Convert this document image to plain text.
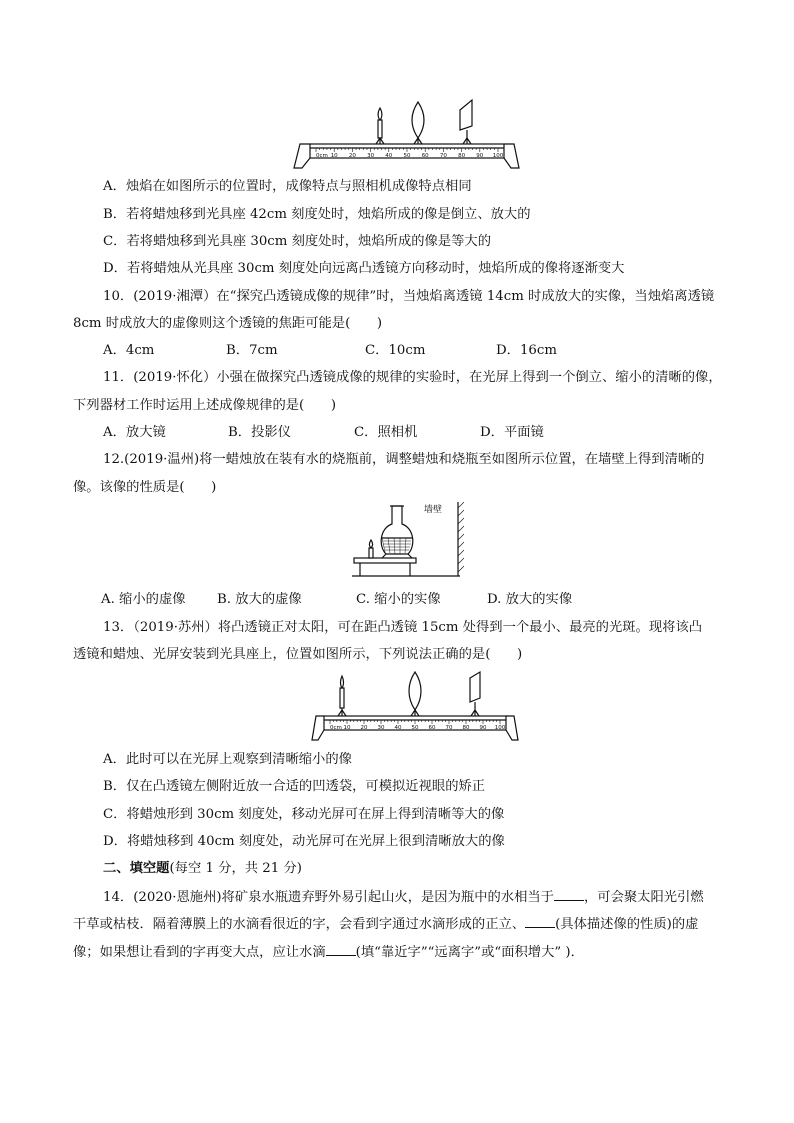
0cm 10 20 30 40 50 60 70 80 90 100
A．烛焰在如图所示的位置时，成像特点与照相机成像特点相同
B．若将蜡烛移到光具座 42cm 刻度处时，烛焰所成的像是倒立、放大的
C．若将蜡烛移到光具座 30cm 刻度处时，烛焰所成的像是等大的
D．若将蜡烛从光具座 30cm 刻度处向远离凸透镜方向移动时，烛焰所成的像将逐渐变大
10．(2019·湘潭）在“探究凸透镜成像的规律”时，当烛焰离透镜 14cm 时成放大的实像，当烛焰离透镜
8cm 时成放大的虚像则这个透镜的焦距可能是(　　)
A．4cm	B．7cm	C．10cm	D．16cm
11．(2019·怀化）小强在做探究凸透镜成像的规律的实验时，在光屏上得到一个倒立、缩小的清晰的像，
下列器材工作时运用上述成像规律的是(　　)
A．放大镜	B．投影仪	C．照相机	D．平面镜
12.(2019·温州)将一蜡烛放在装有水的烧瓶前，调整蜡烛和烧瓶至如图所示位置，在墙壁上得到清晰的
像。该像的性质是(　　)
墙壁
A. 缩小的虚像 B. 放大的虚像	C. 缩小的实像	D. 放大的实像
13．（2019·苏州）将凸透镜正对太阳，可在距凸透镜 15cm 处得到一个最小、最亮的光斑。现将该凸
透镜和蜡烛、光屏安装到光具座上，位置如图所示，下列说法正确的是(　　)
0cm 10 20 30 40 50 60 70 80 90 100
A．此时可以在光屏上观察到清晰缩小的像
B．仅在凸透镜左侧附近放一合适的凹透袋，可模拟近视眼的矫正
C．将蜡烛形到 30cm 刻度处，移动光屏可在屏上得到清晰等大的像
D．将蜡烛移到 40cm 刻度处，动光屏可在光屏上很到清晰放大的像
二、填空题(每空 1 分，共 21 分)
14．(2020·恩施州)将矿泉水瓶遗弃野外易引起山火，是因为瓶中的水相当于 ，可会聚太阳光引燃
干草或枯枝．隔着薄膜上的水滴看很近的字，会看到字通过水滴形成的正立、 (具体描述像的性质)的虚
像；如果想让看到的字再变大点，应让水滴 (填“靠近字”“远离字”或“面积增大” )．
